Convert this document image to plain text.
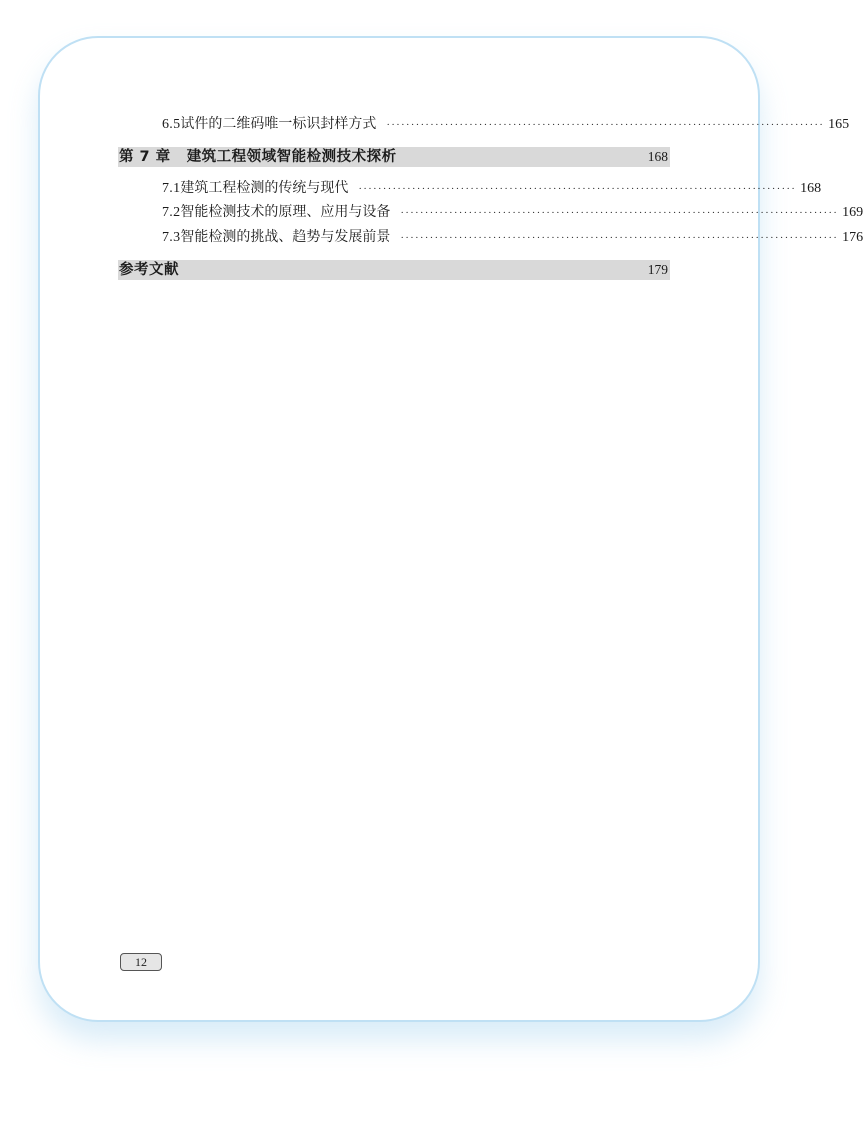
6.5 试件的二维码唯一标识封样方式 ·························································································· 165
第 7 章	建筑工程领域智能检测技术探析	168
7.1 建筑工程检测的传统与现代 ·························································································· 168
7.2 智能检测技术的原理、应用与设备 ·························································································· 169
7.3 智能检测的挑战、趋势与发展前景 ·························································································· 176
参考文献	179
12
